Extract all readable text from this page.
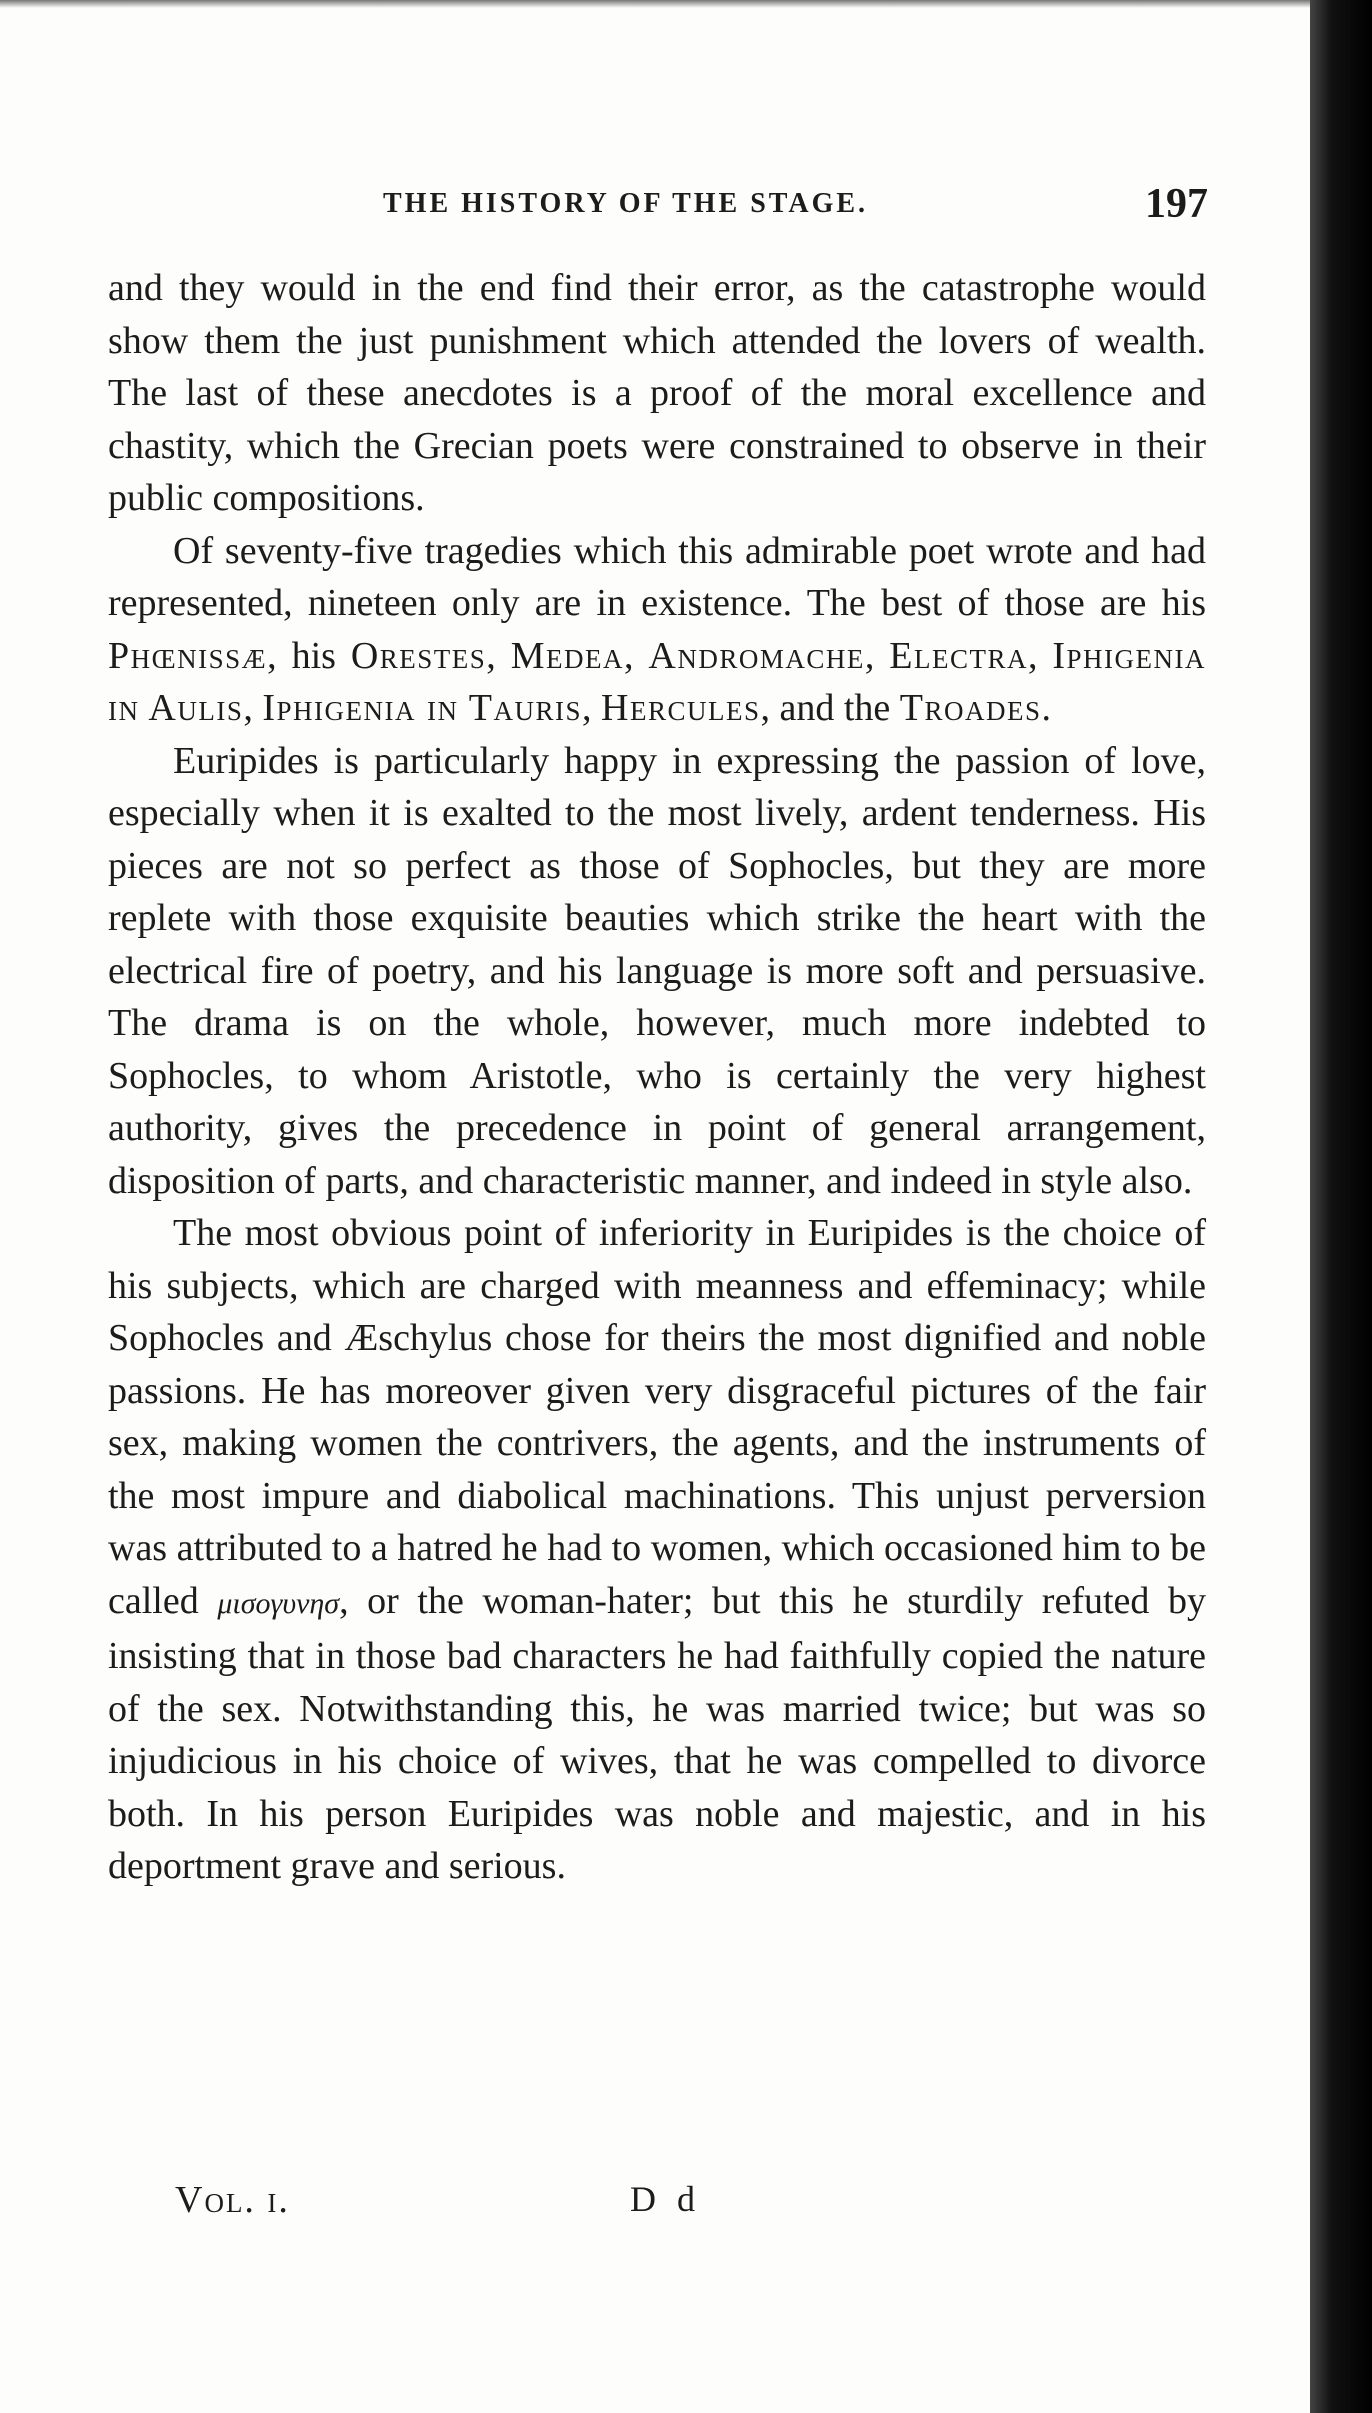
THE HISTORY OF THE STAGE.	197

and they would in the end find their error, as the catastrophe would show them the just punishment which attended the lovers of wealth. The last of these anecdotes is a proof of the moral excellence and chastity, which the Grecian poets were constrained to observe in their public compositions.

Of seventy-five tragedies which this admirable poet wrote and had represented, nineteen only are in existence. The best of those are his Phœnissæ, his Orestes, Medea, Andromache, Electra, Iphigenia in Aulis, Iphigenia in Tauris, Hercules, and the Troades.

Euripides is particularly happy in expressing the passion of love, especially when it is exalted to the most lively, ardent tenderness. His pieces are not so perfect as those of Sophocles, but they are more replete with those exquisite beauties which strike the heart with the electrical fire of poetry, and his language is more soft and persuasive. The drama is on the whole, however, much more indebted to Sophocles, to whom Aristotle, who is certainly the very highest authority, gives the precedence in point of general arrangement, disposition of parts, and characteristic manner, and indeed in style also.

The most obvious point of inferiority in Euripides is the choice of his subjects, which are charged with meanness and effeminacy; while Sophocles and Æschylus chose for theirs the most dignified and noble passions. He has moreover given very disgraceful pictures of the fair sex, making women the contrivers, the agents, and the instruments of the most impure and diabolical machinations. This unjust perversion was attributed to a hatred he had to women, which occasioned him to be called μισογυνησ, or the woman-hater; but this he sturdily refuted by insisting that in those bad characters he had faithfully copied the nature of the sex. Notwithstanding this, he was married twice; but was so injudicious in his choice of wives, that he was compelled to divorce both. In his person Euripides was noble and majestic, and in his deportment grave and serious.

Vol. i.	D d
